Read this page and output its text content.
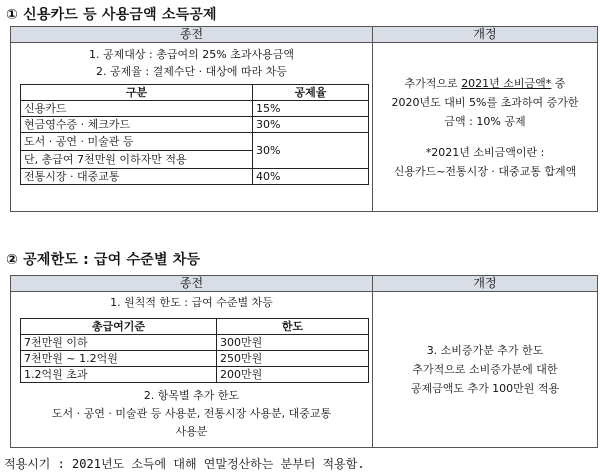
① 신용카드 등 사용금액 소득공제
종전	개정

1. 공제대상 : 총급여의 25% 초과사용금액
2. 공제율 : 결제수단 · 대상에 따라 차등
구분	공제율
신용카드	15%
현금영수증 · 체크카드	30%
도서 · 공연 · 미술관 등	30%
단, 총급여 7천만원 이하자만 적용
전통시장 · 대중교통	40%

추가적으로 2021년 소비금액* 중
2020년도 대비 5%를 초과하여 증가한
금액 : 10% 공제
*2021년 소비금액이란 :
신용카드~전통시장 · 대중교통 합계액
② 공제한도 : 급여 수준별 차등
종전	개정

1. 원칙적 한도 : 급여 수준별 차등
총급여기준	한도
7천만원 이하	300만원
7천만원 ~ 1.2억원	250만원
1.2억원 초과	200만원
2. 항목별 추가 한도
도서 · 공연 · 미술관 등 사용분, 전통시장 사용분, 대중교통
사용분

3. 소비증가분 추가 한도
추가적으로 소비증가분에 대한
공제금액도 추가 100만원 적용
적용시기 : 2021년도 소득에 대해 연말정산하는 분부터 적용함.
